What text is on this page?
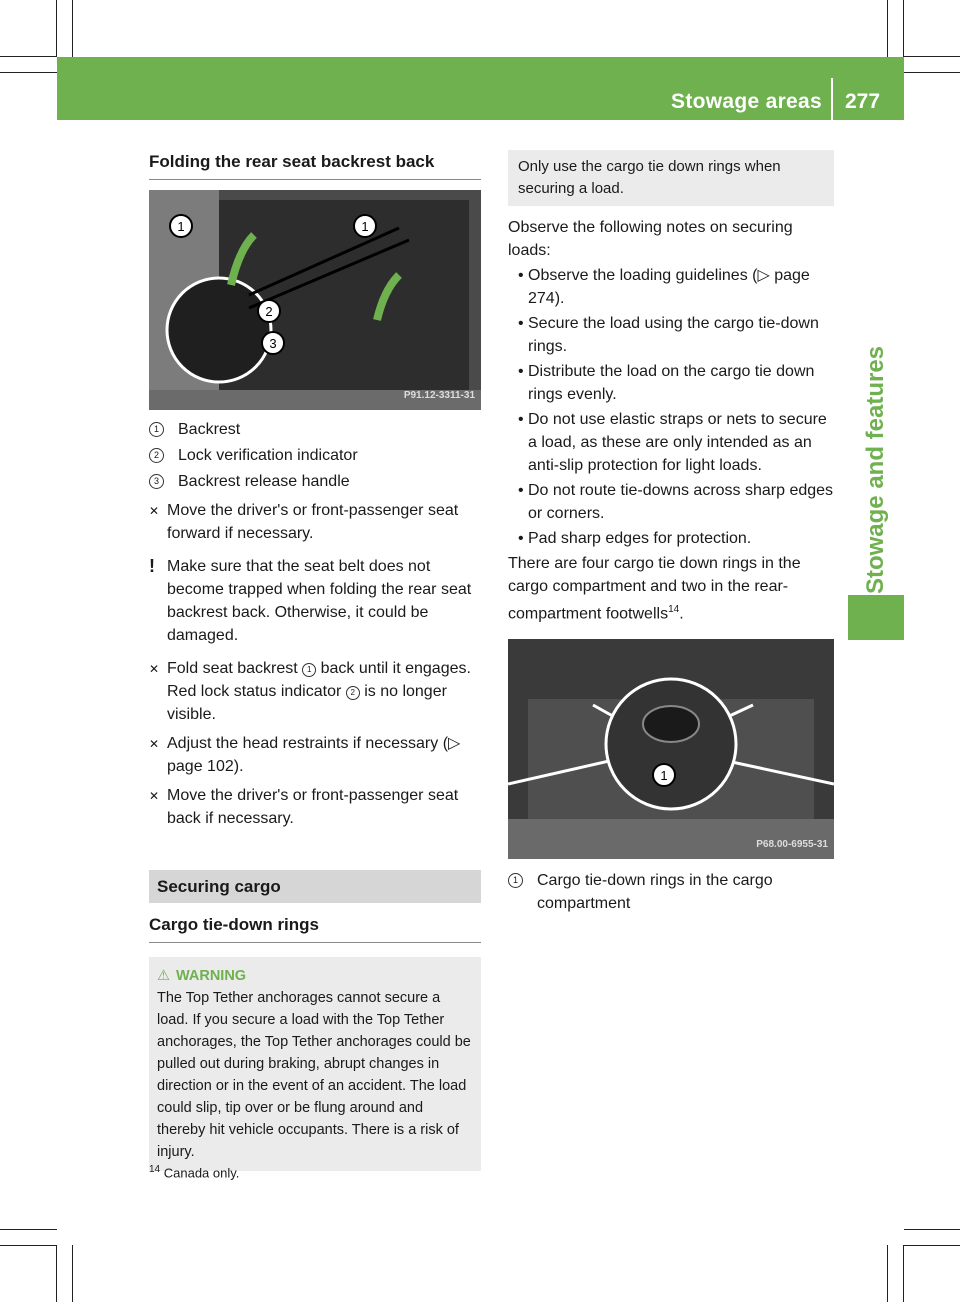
Stowage areas 277
Stowage and features
Folding the rear seat backrest back
1	1
2
3
P91.12-3311-31
1	Backrest
2	Lock verification indicator
3	Backrest release handle
✕ Move the driver's or front-passenger seat forward if necessary.
! Make sure that the seat belt does not become trapped when folding the rear seat backrest back. Otherwise, it could be damaged.
✕ Fold seat backrest 1 back until it engages. Red lock status indicator 2 is no longer visible.
✕ Adjust the head restraints if necessary (▷ page 102).
✕ Move the driver's or front-passenger seat back if necessary.
Securing cargo
Cargo tie-down rings
⚠ WARNING
The Top Tether anchorages cannot secure a load. If you secure a load with the Top Tether anchorages, the Top Tether anchorages could be pulled out during braking, abrupt changes in direction or in the event of an accident. The load could slip, tip over or be flung around and thereby hit vehicle occupants. There is a risk of injury.
Only use the cargo tie down rings when securing a load.
Observe the following notes on securing loads:
• Observe the loading guidelines (▷ page 274).
• Secure the load using the cargo tie-down rings.
• Distribute the load on the cargo tie down rings evenly.
• Do not use elastic straps or nets to secure a load, as these are only intended as an anti-slip protection for light loads.
• Do not route tie-downs across sharp edges or corners.
• Pad sharp edges for protection.
There are four cargo tie down rings in the cargo compartment and two in the rear-compartment footwells$^{14}$.
1
P68.00-6955-31
1	Cargo tie-down rings in the cargo compartment
$^{14}$ Canada only.
